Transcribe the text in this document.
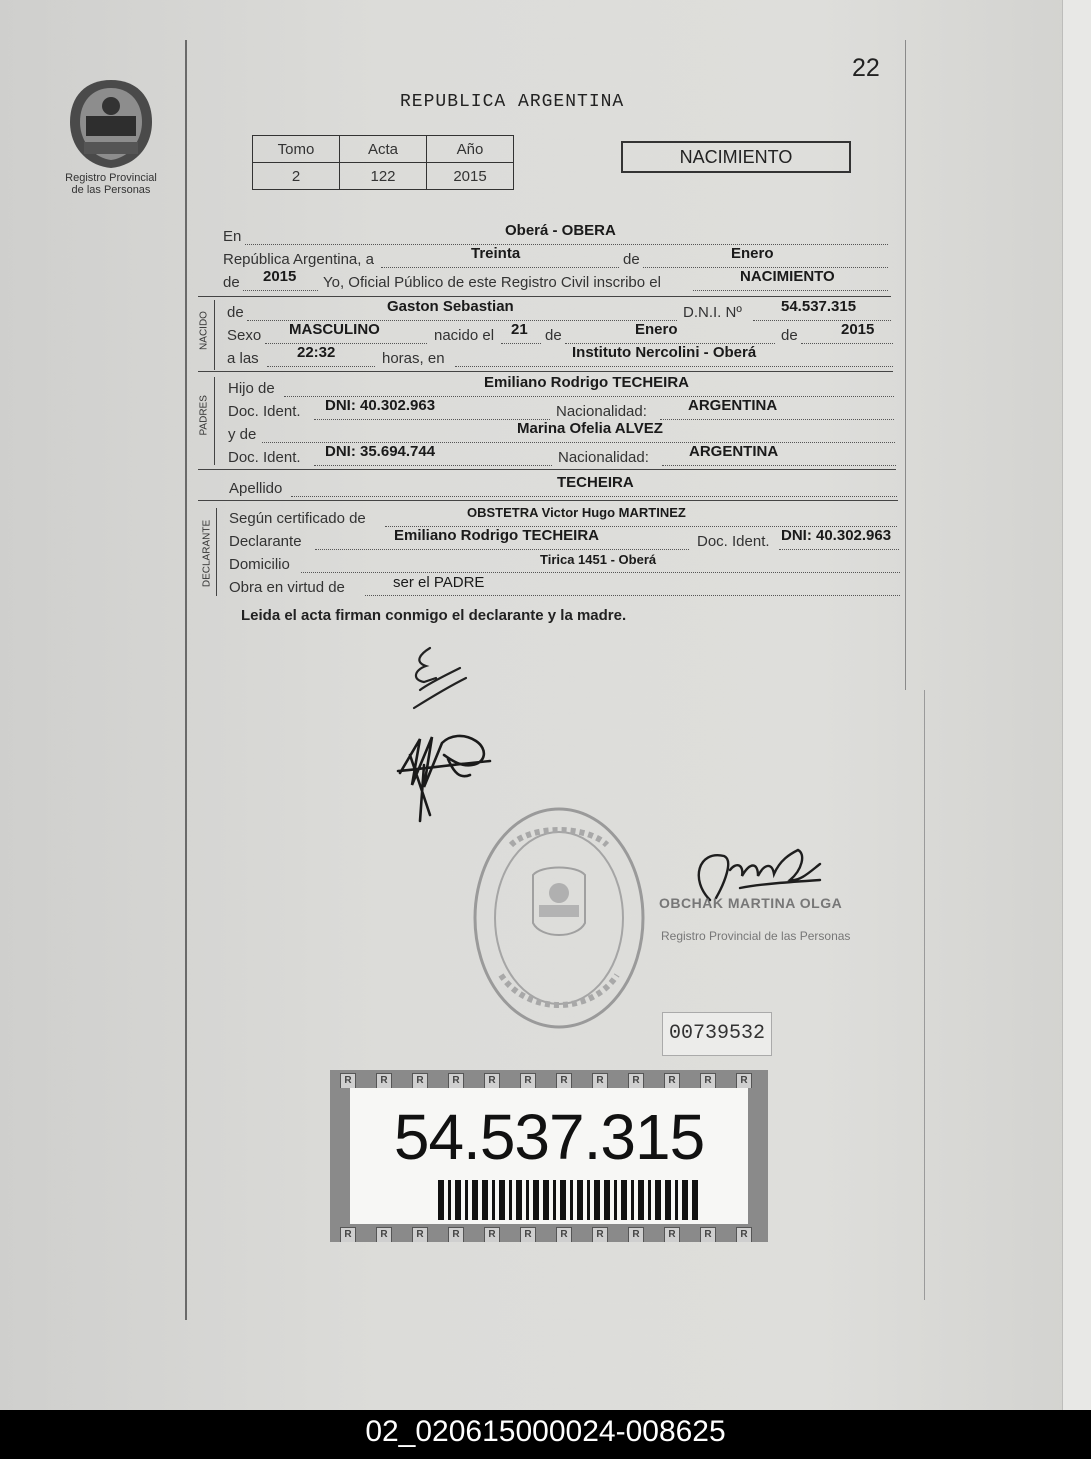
22
Registro Provincial
de las Personas
REPUBLICA ARGENTINA
Tomo	Acta	Año
2	122	2015
NACIMIENTO
En	Oberá - OBERA
República Argentina, a	Treinta	de	Enero
de 2015 Yo, Oficial Público de este Registro Civil inscribo el	NACIMIENTO
NACIDO de	Gaston Sebastian	D.N.I. Nº	54.537.315
Sexo MASCULINO	nacido el 21 de	Enero	de	2015
a las	22:32	horas, en	Instituto Nercolini - Oberá
PADRES
Hijo de	Emiliano Rodrigo TECHEIRA
Doc. Ident. DNI: 40.302.963	Nacionalidad:	ARGENTINA
y de	Marina Ofelia ALVEZ
Doc. Ident. DNI: 35.694.744	Nacionalidad:	ARGENTINA
Apellido	TECHEIRA
DECLARANTE
Según certificado de	OBSTETRA Victor Hugo MARTINEZ
Declarante	Emiliano Rodrigo TECHEIRA	Doc. Ident. DNI: 40.302.963
Domicilio	Tirica 1451 - Oberá
Obra en virtud de	ser el PADRE
Leida el acta firman conmigo el declarante y la madre.
OBCHAK MARTINA OLGA
Registro Provincial de las Personas
00739532
R	R	R	R	R	R	R	R	R	R	R	R
R	R	R	R	R	R	R	R	R	R	R	R
54.537.315
02_020615000024-008625
